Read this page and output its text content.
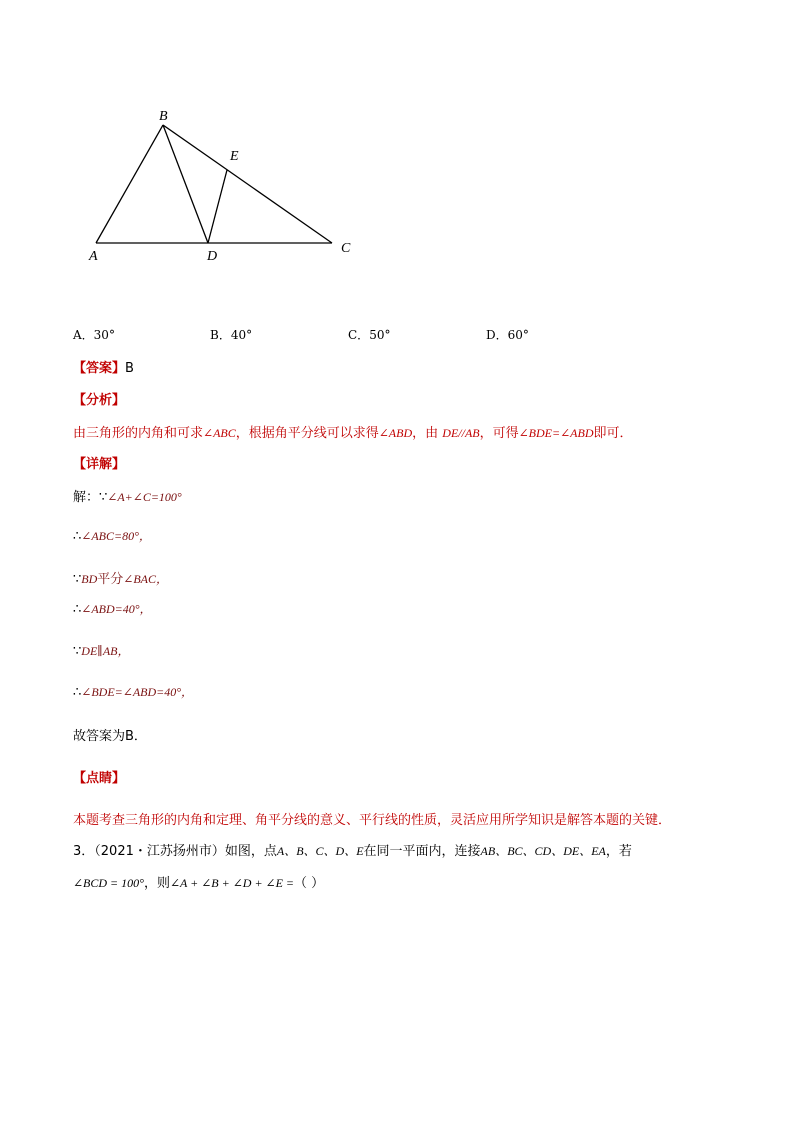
B
E
A	D
C
A．30°	B．40°	C．50°	D．60°
【答案】B
【分析】
由三角形的内角和可求∠ABC，根据角平分线可以求得∠ABD，由 DE//AB，可得∠BDE=∠ABD即可．
【详解】
解：∵∠A+∠C=100°
∴∠ABC=80°，
∵BD平分∠BAC，
∴∠ABD=40°，
∵DE∥AB，
∴∠BDE=∠ABD=40°，
故答案为B．
【点睛】
本题考查三角形的内角和定理、角平分线的意义、平行线的性质，灵活应用所学知识是解答本题的关键．
3．（2021・江苏扬州市）如图，点A、B、C、D、E在同一平面内，连接AB、BC、CD、DE、EA，若
∠BCD = 100°，则∠A + ∠B + ∠D + ∠E =（ ）
